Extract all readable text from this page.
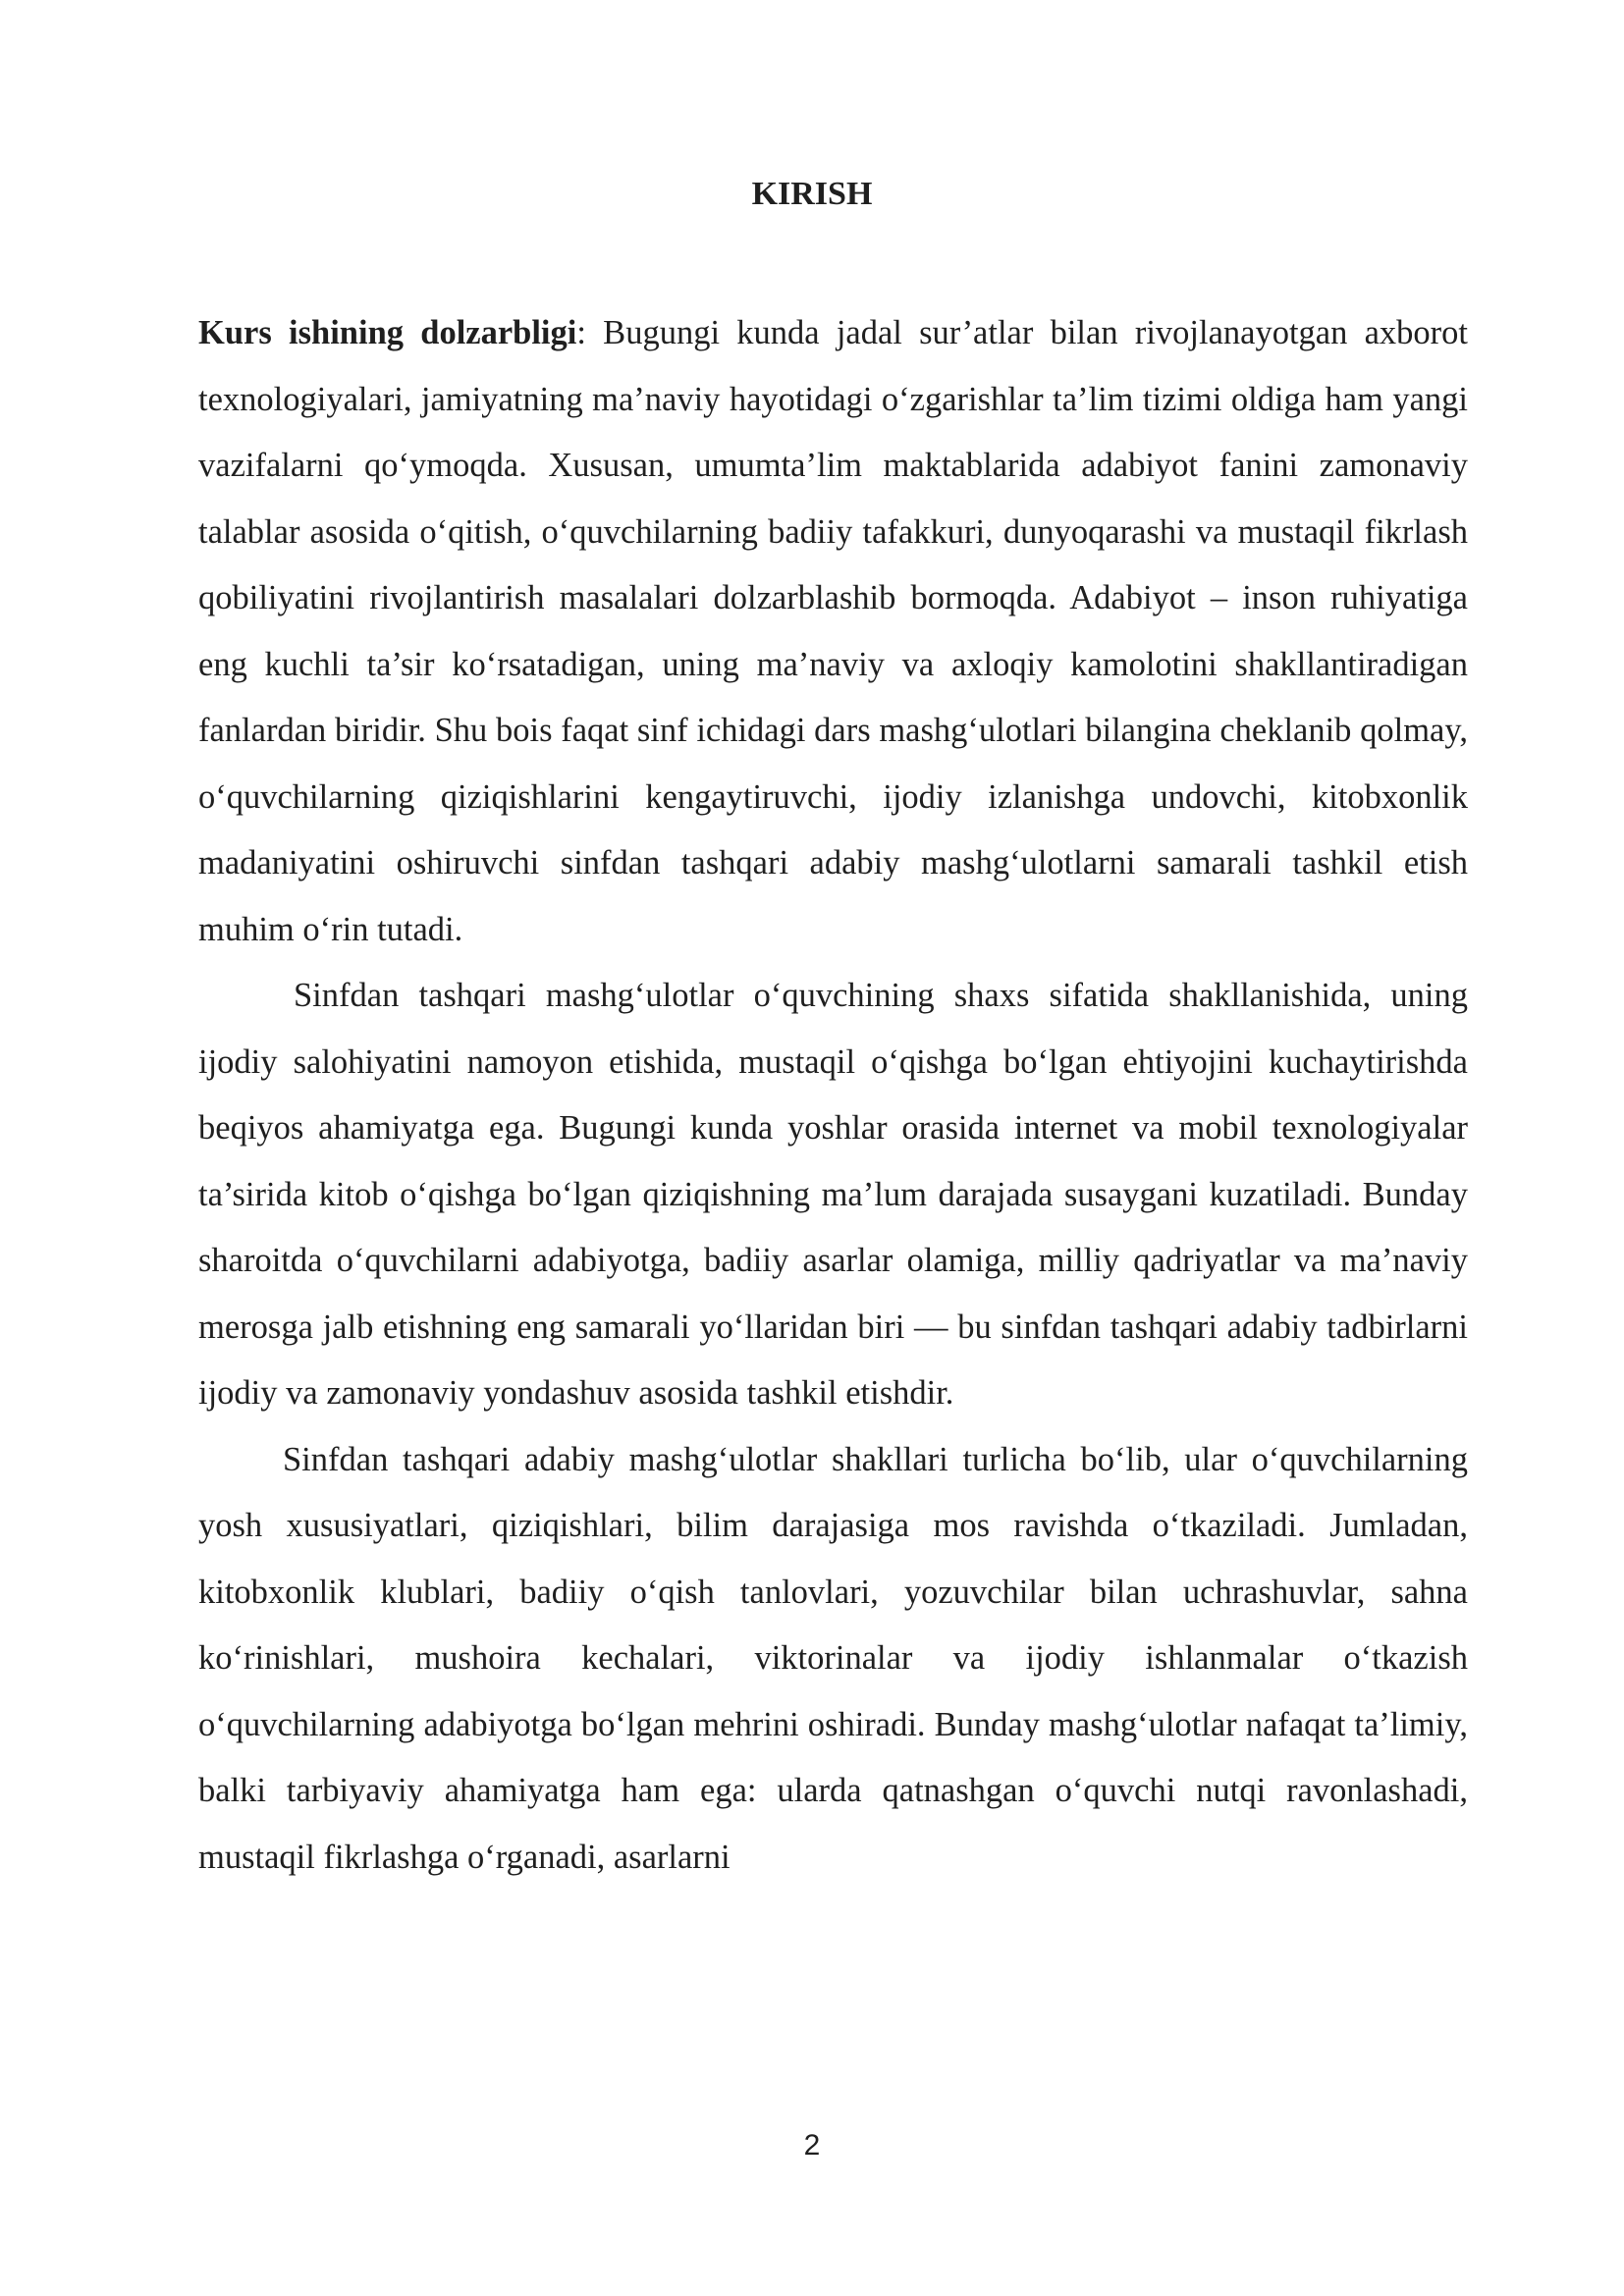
KIRISH

Kurs ishining dolzarbligi: Bugungi kunda jadal sur’atlar bilan rivojlanayotgan axborot texnologiyalari, jamiyatning ma’naviy hayotidagi o‘zgarishlar ta’lim tizimi oldiga ham yangi vazifalarni qo‘ymoqda. Xususan, umumta’lim maktablarida adabiyot fanini zamonaviy talablar asosida o‘qitish, o‘quvchilarning badiiy tafakkuri, dunyoqarashi va mustaqil fikrlash qobiliyatini rivojlantirish masalalari dolzarblashib bormoqda. Adabiyot – inson ruhiyatiga eng kuchli ta’sir ko‘rsatadigan, uning ma’naviy va axloqiy kamolotini shakllantiradigan fanlardan biridir. Shu bois faqat sinf ichidagi dars mashg‘ulotlari bilangina cheklanib qolmay, o‘quvchilarning qiziqishlarini kengaytiruvchi, ijodiy izlanishga undovchi, kitobxonlik madaniyatini oshiruvchi sinfdan tashqari adabiy mashg‘ulotlarni samarali tashkil etish muhim o‘rin tutadi.

Sinfdan tashqari mashg‘ulotlar o‘quvchining shaxs sifatida shakllanishida, uning ijodiy salohiyatini namoyon etishida, mustaqil o‘qishga bo‘lgan ehtiyojini kuchaytirishda beqiyos ahamiyatga ega. Bugungi kunda yoshlar orasida internet va mobil texnologiyalar ta’sirida kitob o‘qishga bo‘lgan qiziqishning ma’lum darajada susaygani kuzatiladi. Bunday sharoitda o‘quvchilarni adabiyotga, badiiy asarlar olamiga, milliy qadriyatlar va ma’naviy merosga jalb etishning eng samarali yo‘llaridan biri — bu sinfdan tashqari adabiy tadbirlarni ijodiy va zamonaviy yondashuv asosida tashkil etishdir.

Sinfdan tashqari adabiy mashg‘ulotlar shakllari turlicha bo‘lib, ular o‘quvchilarning yosh xususiyatlari, qiziqishlari, bilim darajasiga mos ravishda o‘tkaziladi. Jumladan, kitobxonlik klublari, badiiy o‘qish tanlovlari, yozuvchilar bilan uchrashuvlar, sahna ko‘rinishlari, mushoira kechalari, viktorinalar va ijodiy ishlanmalar o‘tkazish o‘quvchilarning adabiyotga bo‘lgan mehrini oshiradi. Bunday mashg‘ulotlar nafaqat ta’limiy, balki tarbiyaviy ahamiyatga ham ega: ularda qatnashgan o‘quvchi nutqi ravonlashadi, mustaqil fikrlashga o‘rganadi, asarlarni

2
